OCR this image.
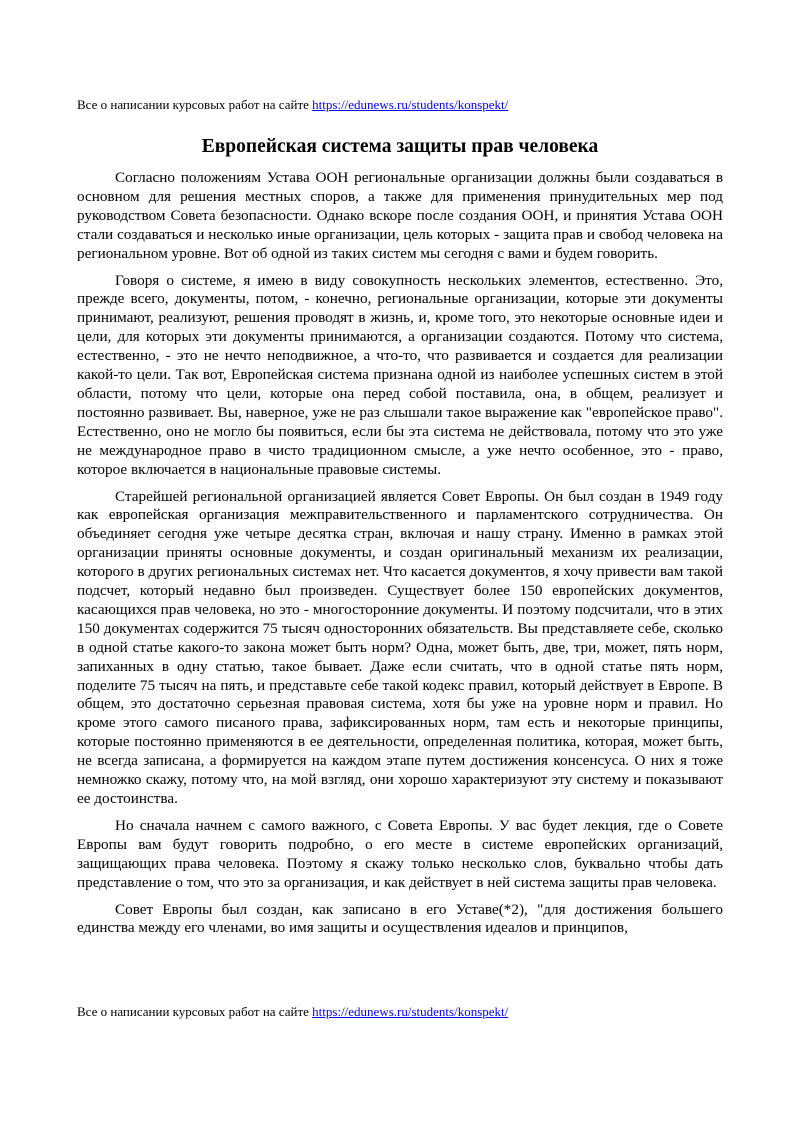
Все о написании курсовых работ на сайте https://edunews.ru/students/konspekt/
Европейская система защиты прав человека

Согласно положениям Устава ООН региональные организации должны были создаваться в основном для решения местных споров, а также для применения принудительных мер под руководством Совета безопасности. Однако вскоре после создания ООН, и принятия Устава ООН стали создаваться и несколько иные организации, цель которых - защита прав и свобод человека на региональном уровне. Вот об одной из таких систем мы сегодня с вами и будем говорить.

Говоря о системе, я имею в виду совокупность нескольких элементов, естественно. Это, прежде всего, документы, потом, - конечно, региональные организации, которые эти документы принимают, реализуют, решения проводят в жизнь, и, кроме того, это некоторые основные идеи и цели, для которых эти документы принимаются, а организации создаются. Потому что система, естественно, - это не нечто неподвижное, а что-то, что развивается и создается для реализации какой-то цели. Так вот, Европейская система признана одной из наиболее успешных систем в этой области, потому что цели, которые она перед собой поставила, она, в общем, реализует и постоянно развивает. Вы, наверное, уже не раз слышали такое выражение как "европейское право". Естественно, оно не могло бы появиться, если бы эта система не действовала, потому что это уже не международное право в чисто традиционном смысле, а уже нечто особенное, это - право, которое включается в национальные правовые системы.

Старейшей региональной организацией является Совет Европы. Он был создан в 1949 году как европейская организация межправительственного и парламентского сотрудничества. Он объединяет сегодня уже четыре десятка стран, включая и нашу страну. Именно в рамках этой организации приняты основные документы, и создан оригинальный механизм их реализации, которого в других региональных системах нет. Что касается документов, я хочу привести вам такой подсчет, который недавно был произведен. Существует более 150 европейских документов, касающихся прав человека, но это - многосторонние документы. И поэтому подсчитали, что в этих 150 документах содержится 75 тысяч односторонних обязательств. Вы представляете себе, сколько в одной статье какого-то закона может быть норм? Одна, может быть, две, три, может, пять норм, запиханных в одну статью, такое бывает. Даже если считать, что в одной статье пять норм, поделите 75 тысяч на пять, и представьте себе такой кодекс правил, который действует в Европе. В общем, это достаточно серьезная правовая система, хотя бы уже на уровне норм и правил. Но кроме этого самого писаного права, зафиксированных норм, там есть и некоторые принципы, которые постоянно применяются в ее деятельности, определенная политика, которая, может быть, не всегда записана, а формируется на каждом этапе путем достижения консенсуса. О них я тоже немножко скажу, потому что, на мой взгляд, они хорошо характеризуют эту систему и показывают ее достоинства.

Но сначала начнем с самого важного, с Совета Европы. У вас будет лекция, где о Совете Европы вам будут говорить подробно, о его месте в системе европейских организаций, защищающих права человека. Поэтому я скажу только несколько слов, буквально чтобы дать представление о том, что это за организация, и как действует в ней система защиты прав человека.

Совет Европы был создан, как записано в его Уставе(*2), "для достижения большего единства между его членами, во имя защиты и осуществления идеалов и принципов,

Все о написании курсовых работ на сайте https://edunews.ru/students/konspekt/
